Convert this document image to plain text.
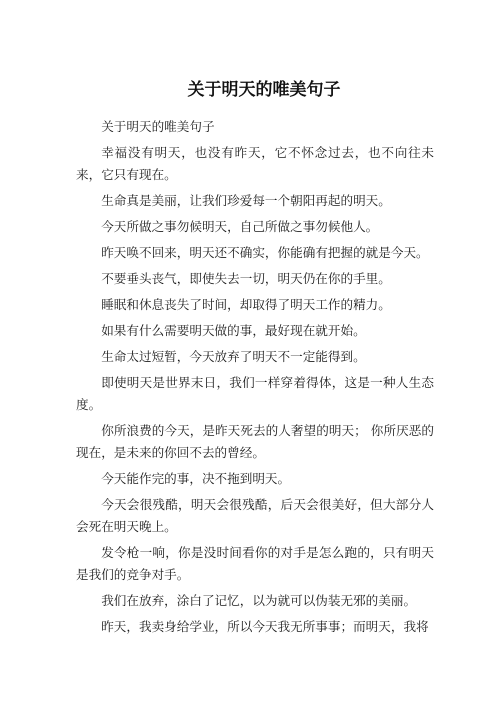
关于明天的唯美句子

关于明天的唯美句子

幸福没有明天，也没有昨天，它不怀念过去，也不向往未来，它只有现在。

生命真是美丽，让我们珍爱每一个朝阳再起的明天。

今天所做之事勿候明天，自己所做之事勿候他人。

昨天唤不回来，明天还不确实，你能确有把握的就是今天。

不要垂头丧气，即使失去一切，明天仍在你的手里。

睡眠和休息丧失了时间，却取得了明天工作的精力。

如果有什么需要明天做的事，最好现在就开始。

生命太过短暂，今天放弃了明天不一定能得到。

即使明天是世界末日，我们一样穿着得体，这是一种人生态度。

你所浪费的今天，是昨天死去的人奢望的明天； 你所厌恶的现在，是未来的你回不去的曾经。

今天能作完的事，决不拖到明天。

今天会很残酷，明天会很残酷，后天会很美好，但大部分人会死在明天晚上。

发令枪一响，你是没时间看你的对手是怎么跑的，只有明天是我们的竞争对手。

我们在放弃，涂白了记忆，以为就可以伪装无邪的美丽。

昨天，我卖身给学业，所以今天我无所事事；而明天，我将
